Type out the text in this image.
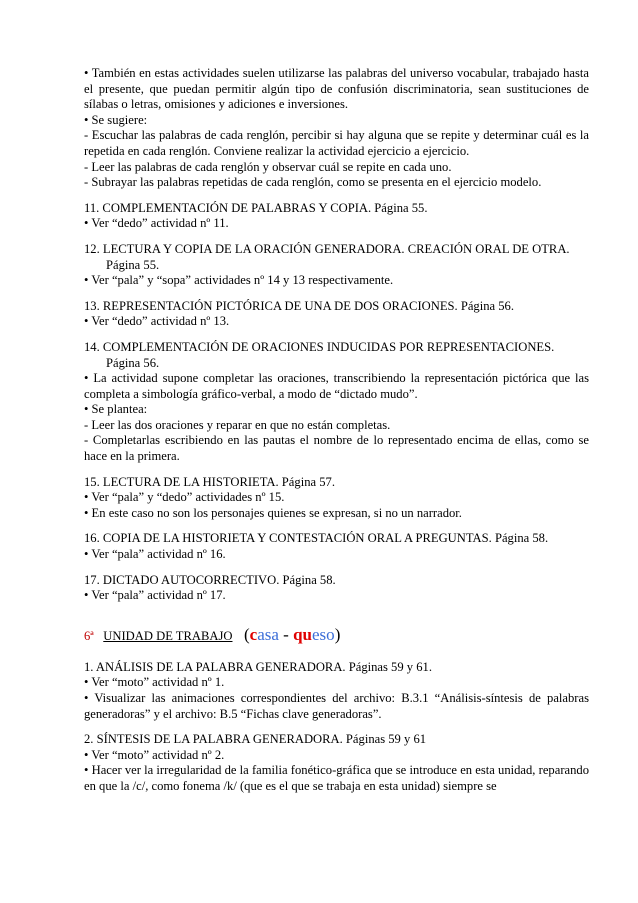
• También en estas actividades suelen utilizarse las palabras del universo vocabular, trabajado hasta el presente, que puedan permitir algún tipo de confusión discriminatoria, sean sustituciones de sílabas o letras, omisiones y adiciones e inversiones.

• Se sugiere:

- Escuchar las palabras de cada renglón, percibir si hay alguna que se repite y determinar cuál es la repetida en cada renglón. Conviene realizar la actividad ejercicio a ejercicio.

- Leer las palabras de cada renglón y observar cuál se repite en cada uno.

- Subrayar las palabras repetidas de cada renglón, como se presenta en el ejercicio modelo.

11. COMPLEMENTACIÓN DE PALABRAS Y COPIA. Página 55.

• Ver “dedo” actividad nº 11.

12. LECTURA Y COPIA DE LA ORACIÓN GENERADORA. CREACIÓN ORAL DE OTRA. Página 55.

• Ver “pala” y “sopa” actividades nº 14 y 13 respectivamente.

13. REPRESENTACIÓN PICTÓRICA DE UNA DE DOS ORACIONES. Página 56.

• Ver “dedo” actividad nº 13.

14. COMPLEMENTACIÓN DE ORACIONES INDUCIDAS POR REPRESENTACIONES. Página 56.

• La actividad supone completar las oraciones, transcribiendo la representación pictórica que las completa a simbología gráfico-verbal, a modo de “dictado mudo”.

• Se plantea:

- Leer las dos oraciones y reparar en que no están completas.

- Completarlas escribiendo en las pautas el nombre de lo representado encima de ellas, como se hace en la primera.

15. LECTURA DE LA HISTORIETA. Página 57.

• Ver “pala” y “dedo” actividades nº 15.

• En este caso no son los personajes quienes se expresan, si no un narrador.

16. COPIA DE LA HISTORIETA Y CONTESTACIÓN ORAL A PREGUNTAS. Página 58.

• Ver “pala” actividad nº 16.

17. DICTADO AUTOCORRECTIVO. Página 58.

• Ver “pala” actividad nº 17.

6ª UNIDAD DE TRABAJO (casa - queso)

1. ANÁLISIS DE LA PALABRA GENERADORA. Páginas 59 y 61.

• Ver “moto” actividad nº 1.

• Visualizar las animaciones correspondientes del archivo: B.3.1 “Análisis-síntesis de palabras generadoras” y el archivo: B.5 “Fichas clave generadoras”.

2. SÍNTESIS DE LA PALABRA GENERADORA. Páginas 59 y 61

• Ver “moto” actividad nº 2.

• Hacer ver la irregularidad de la familia fonético-gráfica que se introduce en esta unidad, reparando en que la /c/, como fonema /k/ (que es el que se trabaja en esta unidad) siempre se
